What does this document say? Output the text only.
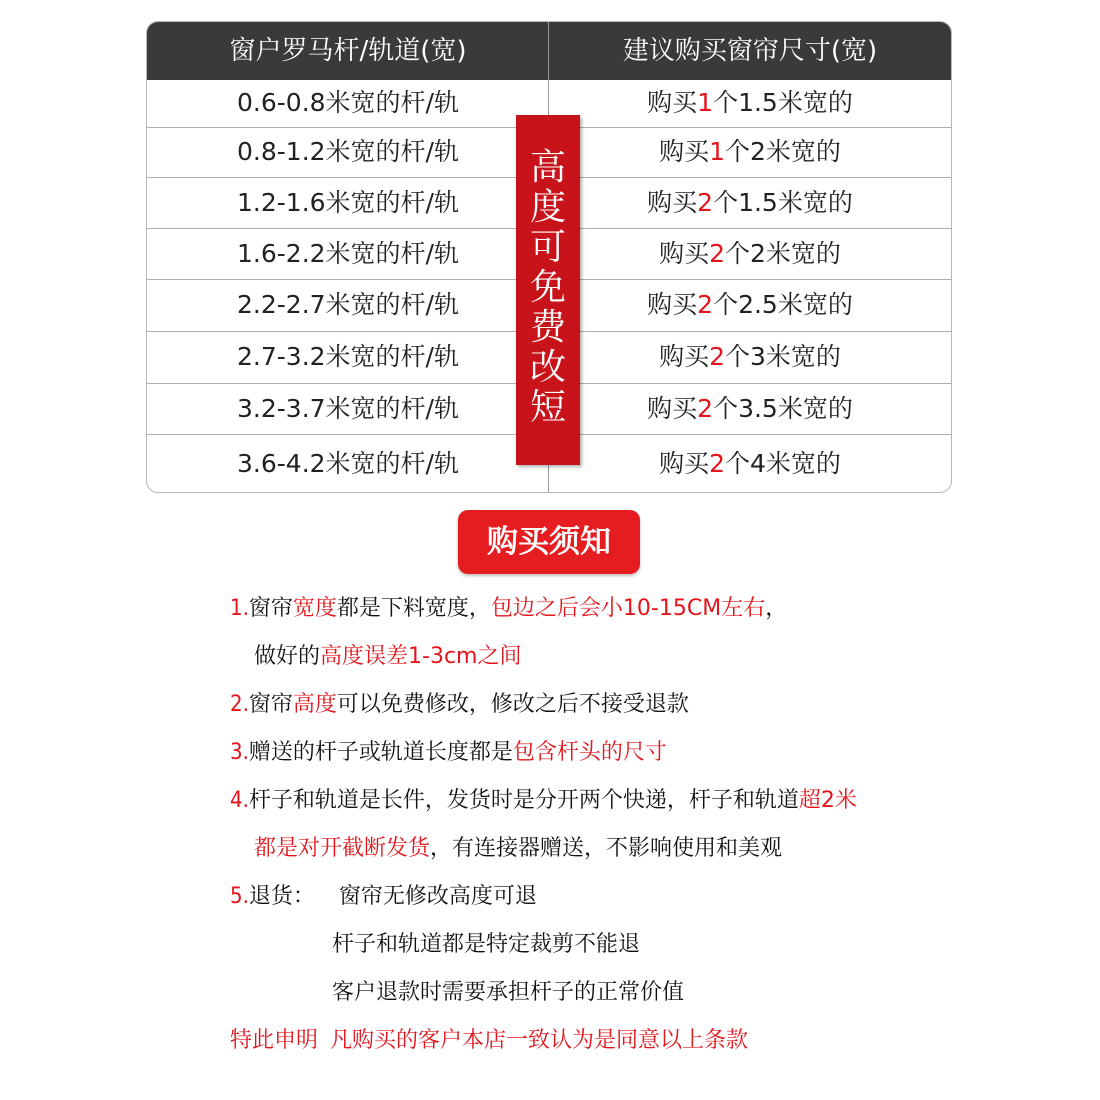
窗户罗马杆/轨道(宽)	建议购买窗帘尺寸(宽)
0.6-0.8米宽的杆/轨	购买1个1.5米宽的
0.8-1.2米宽的杆/轨	购买1个2米宽的
1.2-1.6米宽的杆/轨	购买2个1.5米宽的
1.6-2.2米宽的杆/轨	购买2个2米宽的
2.2-2.7米宽的杆/轨	购买2个2.5米宽的
2.7-3.2米宽的杆/轨	购买2个3米宽的
3.2-3.7米宽的杆/轨	购买2个3.5米宽的
3.6-4.2米宽的杆/轨	购买2个4米宽的
高
度
可
免
费
改
短
购买须知
1.窗帘宽度都是下料宽度，包边之后会小10-15CM左右，
做好的高度误差1-3cm之间
2.窗帘高度可以免费修改，修改之后不接受退款
3.赠送的杆子或轨道长度都是包含杆头的尺寸
4.杆子和轨道是长件，发货时是分开两个快递，杆子和轨道超2米
都是对开截断发货，有连接器赠送，不影响使用和美观
5.退货： 窗帘无修改高度可退
杆子和轨道都是特定裁剪不能退
客户退款时需要承担杆子的正常价值
特此申明 凡购买的客户本店一致认为是同意以上条款
